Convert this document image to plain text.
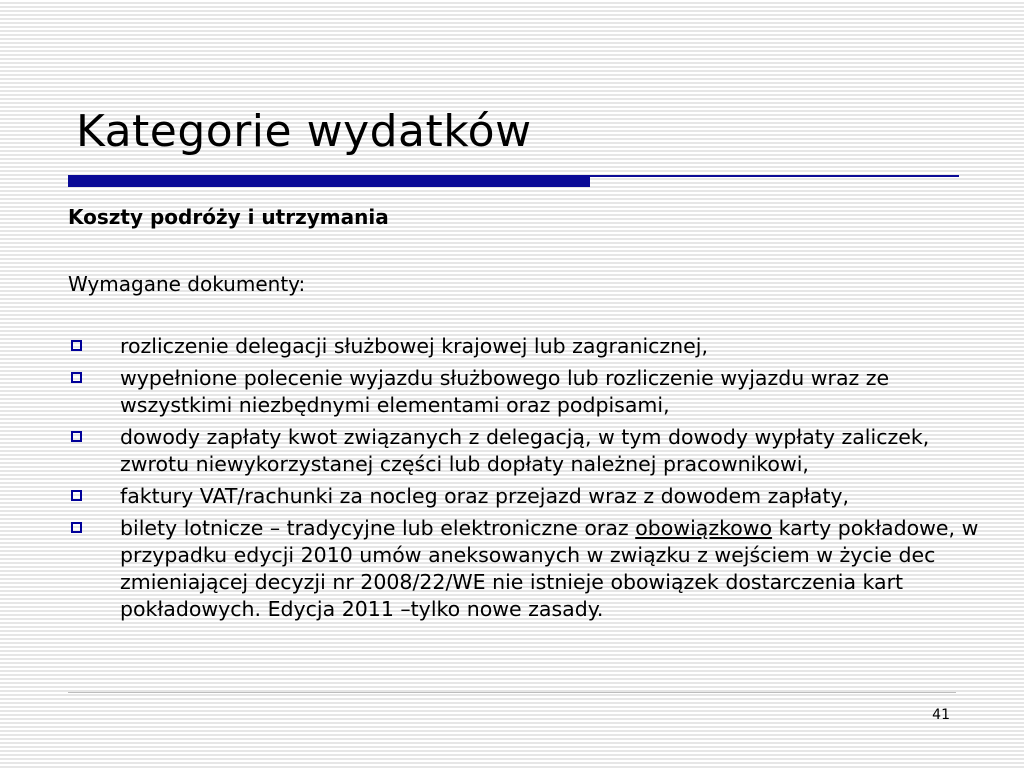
Kategorie wydatków

Koszty podróży i utrzymania

Wymagane dokumenty:

rozliczenie delegacji służbowej krajowej lub zagranicznej,
wypełnione polecenie wyjazdu służbowego lub rozliczenie wyjazdu wraz ze wszystkimi niezbędnymi elementami oraz podpisami,
dowody zapłaty kwot związanych z delegacją, w tym dowody wypłaty zaliczek, zwrotu niewykorzystanej części lub dopłaty należnej pracownikowi,
faktury VAT/rachunki za nocleg oraz przejazd wraz z dowodem zapłaty,
bilety lotnicze – tradycyjne lub elektroniczne oraz obowiązkowo karty pokładowe, w przypadku edycji 2010 umów aneksowanych w związku z wejściem w życie dec zmieniającej decyzji nr 2008/22/WE nie istnieje obowiązek dostarczenia kart pokładowych. Edycja 2011 –tylko nowe zasady.
41
